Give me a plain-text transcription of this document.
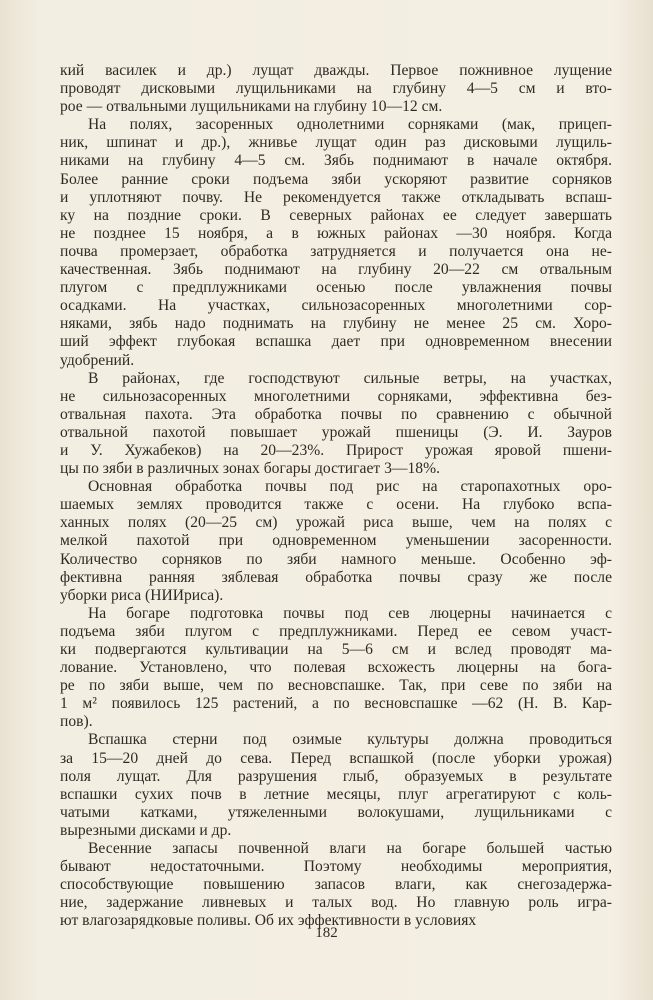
кий василек и др.) лущат дважды. Первое пожнивное лущение
проводят дисковыми лущильниками на глубину 4—5 см и вто-
рое — отвальными лущильниками на глубину 10—12 см.
На полях, засоренных однолетними сорняками (мак, прицеп-
ник, шпинат и др.), жнивье лущат один раз дисковыми лущиль-
никами на глубину 4—5 см. Зябь поднимают в начале октября.
Более ранние сроки подъема зяби ускоряют развитие сорняков
и уплотняют почву. Не рекомендуется также откладывать вспаш-
ку на поздние сроки. В северных районах ее следует завершать
не позднее 15 ноября, а в южных районах —30 ноября. Когда
почва промерзает, обработка затрудняется и получается она не-
качественная. Зябь поднимают на глубину 20—22 см отвальным
плугом с предплужниками осенью после увлажнения почвы
осадками. На участках, сильнозасоренных многолетними сор-
няками, зябь надо поднимать на глубину не менее 25 см. Хоро-
ший эффект глубокая вспашка дает при одновременном внесении
удобрений.
В районах, где господствуют сильные ветры, на участках,
не сильнозасоренных многолетними сорняками, эффективна без-
отвальная пахота. Эта обработка почвы по сравнению с обычной
отвальной пахотой повышает урожай пшеницы (Э. И. Зауров
и У. Хужабеков) на 20—23%. Прирост урожая яровой пшени-
цы по зяби в различных зонах богары достигает 3—18%.
Основная обработка почвы под рис на старопахотных оро-
шаемых землях проводится также с осени. На глубоко вспа-
ханных полях (20—25 см) урожай риса выше, чем на полях с
мелкой пахотой при одновременном уменьшении засоренности.
Количество сорняков по зяби намного меньше. Особенно эф-
фективна ранняя зяблевая обработка почвы сразу же после
уборки риса (НИИриса).
На богаре подготовка почвы под сев люцерны начинается с
подъема зяби плугом с предплужниками. Перед ее севом участ-
ки подвергаются культивации на 5—6 см и вслед проводят ма-
лование. Установлено, что полевая всхожесть люцерны на бога-
ре по зяби выше, чем по весновспашке. Так, при севе по зяби на
1 м² появилось 125 растений, а по весновспашке —62 (Н. В. Кар-
пов).
Вспашка стерни под озимые культуры должна проводиться
за 15—20 дней до сева. Перед вспашкой (после уборки урожая)
поля лущат. Для разрушения глыб, образуемых в результате
вспашки сухих почв в летние месяцы, плуг агрегатируют с коль-
чатыми катками, утяжеленными волокушами, лущильниками с
вырезными дисками и др.
Весенние запасы почвенной влаги на богаре большей частью
бывают недостаточными. Поэтому необходимы мероприятия,
способствующие повышению запасов влаги, как снегозадержа-
ние, задержание ливневых и талых вод. Но главную роль игра-
ют влагозарядковые поливы. Об их эффективности в условиях
182
